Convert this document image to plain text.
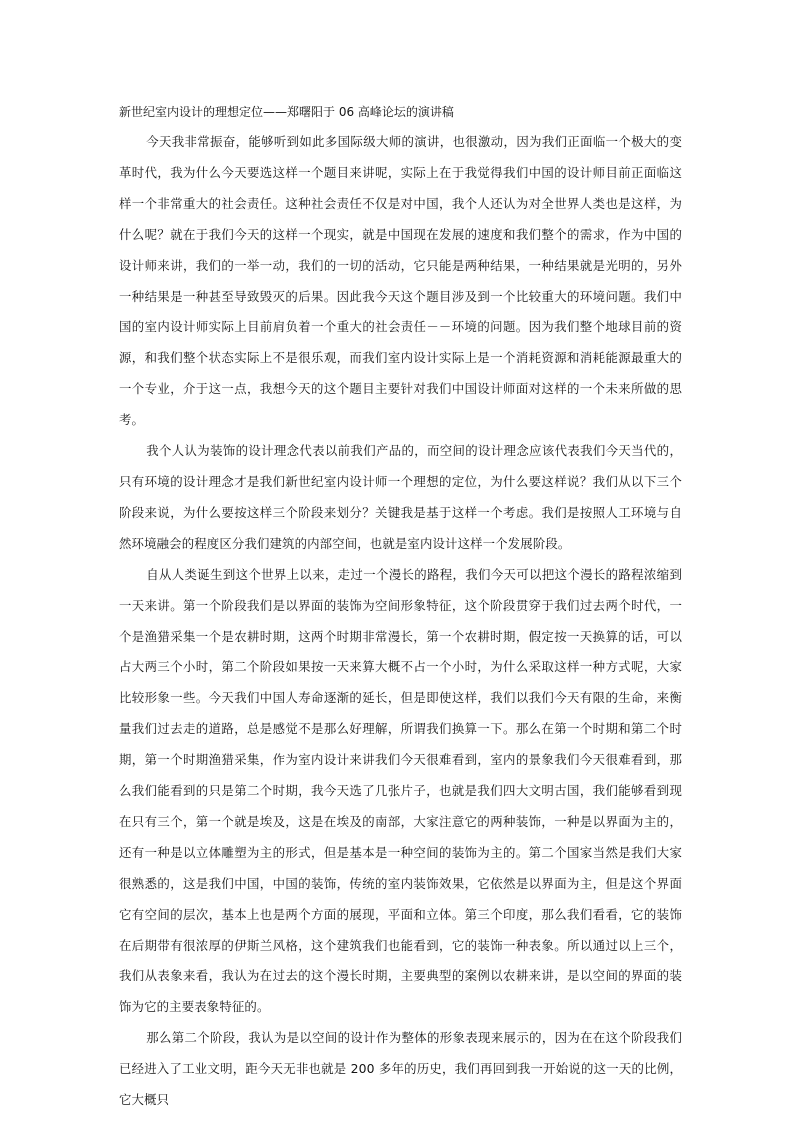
新世纪室内设计的理想定位——郑曙阳于 06 高峰论坛的演讲稿

今天我非常振奋，能够听到如此多国际级大师的演讲，也很激动，因为我们正面临一个极大的变革时代，我为什么今天要选这样一个题目来讲呢，实际上在于我觉得我们中国的设计师目前正面临这样一个非常重大的社会责任。这种社会责任不仅是对中国，我个人还认为对全世界人类也是这样，为什么呢？就在于我们今天的这样一个现实，就是中国现在发展的速度和我们整个的需求，作为中国的设计师来讲，我们的一举一动，我们的一切的活动，它只能是两种结果，一种结果就是光明的，另外一种结果是一种甚至导致毁灭的后果。因此我今天这个题目涉及到一个比较重大的环境问题。我们中国的室内设计师实际上目前肩负着一个重大的社会责任－－环境的问题。因为我们整个地球目前的资源，和我们整个状态实际上不是很乐观，而我们室内设计实际上是一个消耗资源和消耗能源最重大的一个专业，介于这一点，我想今天的这个题目主要针对我们中国设计师面对这样的一个未来所做的思考。

我个人认为装饰的设计理念代表以前我们产品的，而空间的设计理念应该代表我们今天当代的，只有环境的设计理念才是我们新世纪室内设计师一个理想的定位，为什么要这样说？我们从以下三个阶段来说，为什么要按这样三个阶段来划分？关键我是基于这样一个考虑。我们是按照人工环境与自然环境融会的程度区分我们建筑的内部空间，也就是室内设计这样一个发展阶段。

自从人类诞生到这个世界上以来，走过一个漫长的路程，我们今天可以把这个漫长的路程浓缩到一天来讲。第一个阶段我们是以界面的装饰为空间形象特征，这个阶段贯穿于我们过去两个时代，一个是渔猎采集一个是农耕时期，这两个时期非常漫长，第一个农耕时期，假定按一天换算的话，可以占大两三个小时，第二个阶段如果按一天来算大概不占一个小时，为什么采取这样一种方式呢，大家比较形象一些。今天我们中国人寿命逐渐的延长，但是即使这样，我们以我们今天有限的生命，来衡量我们过去走的道路，总是感觉不是那么好理解，所谓我们换算一下。那么在第一个时期和第二个时期，第一个时期渔猎采集，作为室内设计来讲我们今天很难看到，室内的景象我们今天很难看到，那么我们能看到的只是第二个时期，我今天选了几张片子，也就是我们四大文明古国，我们能够看到现在只有三个，第一个就是埃及，这是在埃及的南部，大家注意它的两种装饰，一种是以界面为主的，还有一种是以立体雕塑为主的形式，但是基本是一种空间的装饰为主的。第二个国家当然是我们大家很熟悉的，这是我们中国，中国的装饰，传统的室内装饰效果，它依然是以界面为主，但是这个界面它有空间的层次，基本上也是两个方面的展现，平面和立体。第三个印度，那么我们看看，它的装饰在后期带有很浓厚的伊斯兰风格，这个建筑我们也能看到，它的装饰一种表象。所以通过以上三个，我们从表象来看，我认为在过去的这个漫长时期，主要典型的案例以农耕来讲，是以空间的界面的装饰为它的主要表象特征的。

那么第二个阶段，我认为是以空间的设计作为整体的形象表现来展示的，因为在在这个阶段我们已经进入了工业文明，距今天无非也就是 200 多年的历史，我们再回到我一开始说的这一天的比例，它大概只
